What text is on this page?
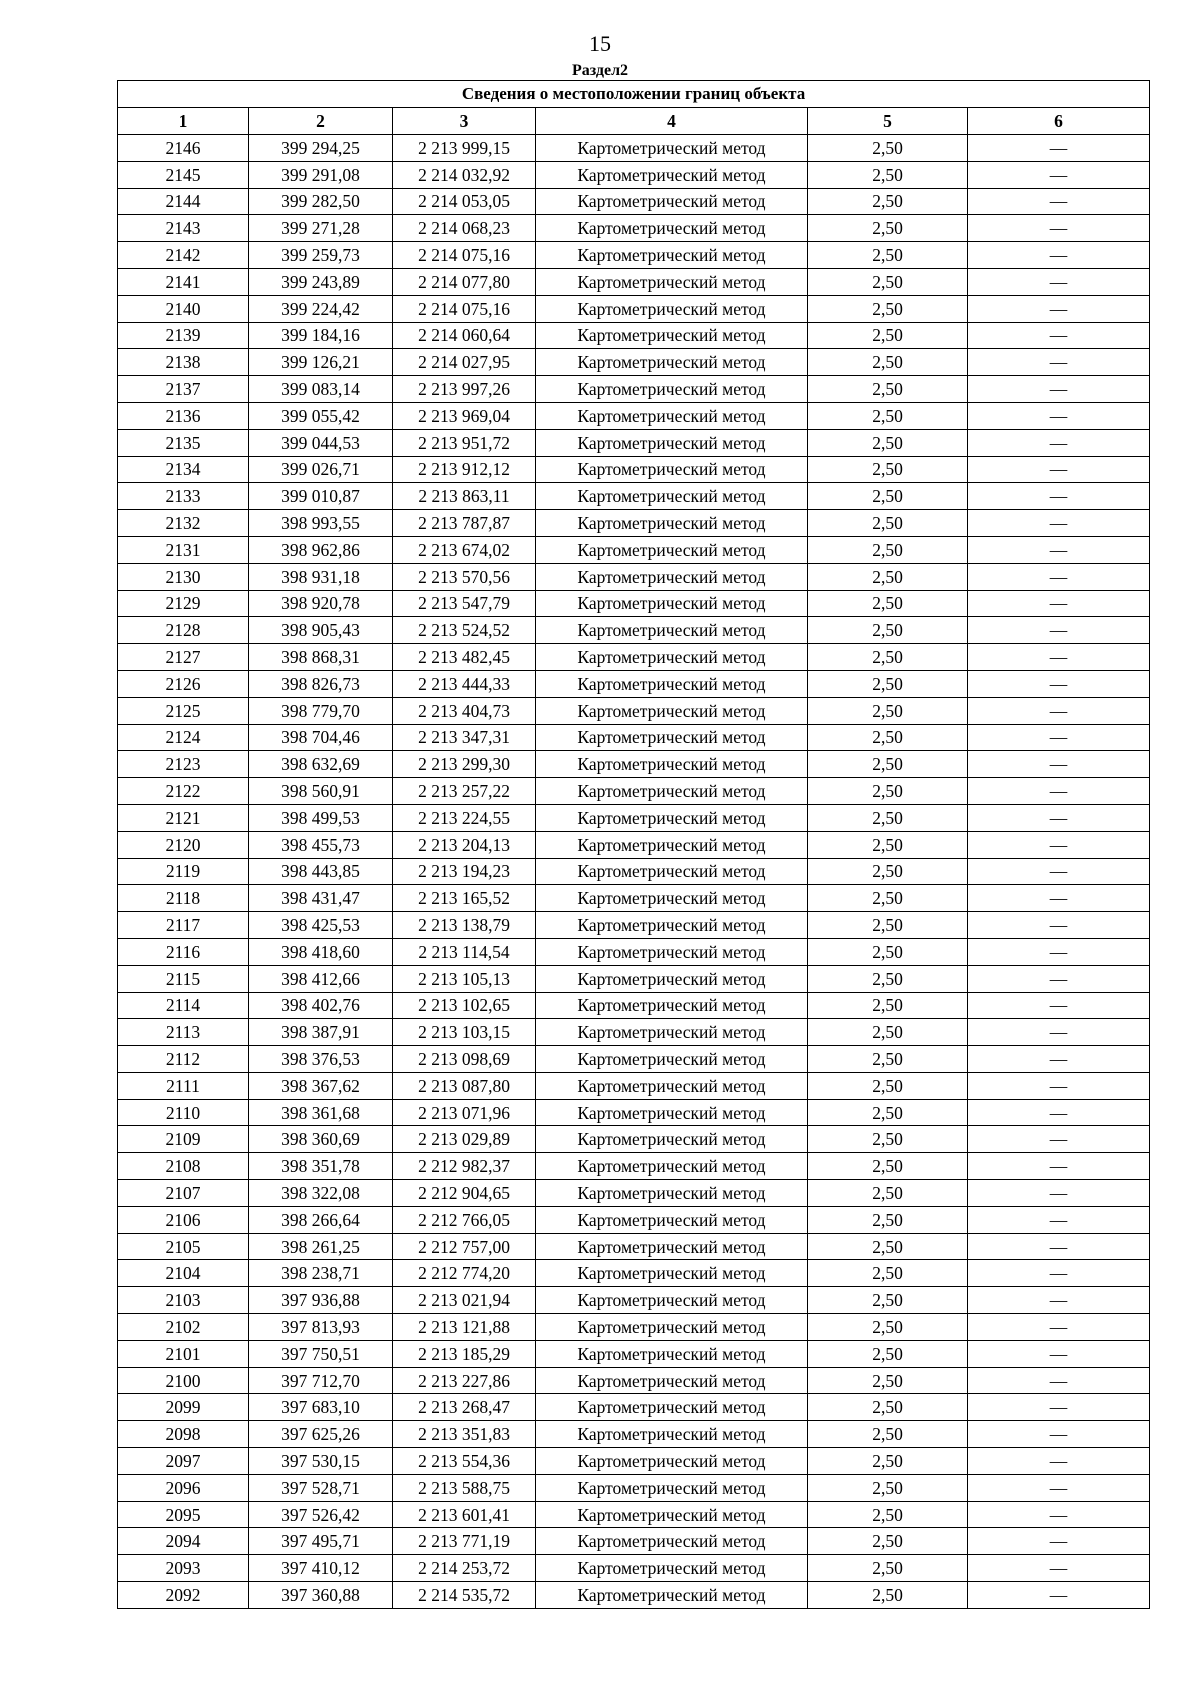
15
Раздел2
Сведения о местоположении границ объекта					
1	2	3	4	5	6
2146	399 294,25	2 213 999,15	Картометрический метод	2,50	—
2145	399 291,08	2 214 032,92	Картометрический метод	2,50	—
2144	399 282,50	2 214 053,05	Картометрический метод	2,50	—
2143	399 271,28	2 214 068,23	Картометрический метод	2,50	—
2142	399 259,73	2 214 075,16	Картометрический метод	2,50	—
2141	399 243,89	2 214 077,80	Картометрический метод	2,50	—
2140	399 224,42	2 214 075,16	Картометрический метод	2,50	—
2139	399 184,16	2 214 060,64	Картометрический метод	2,50	—
2138	399 126,21	2 214 027,95	Картометрический метод	2,50	—
2137	399 083,14	2 213 997,26	Картометрический метод	2,50	—
2136	399 055,42	2 213 969,04	Картометрический метод	2,50	—
2135	399 044,53	2 213 951,72	Картометрический метод	2,50	—
2134	399 026,71	2 213 912,12	Картометрический метод	2,50	—
2133	399 010,87	2 213 863,11	Картометрический метод	2,50	—
2132	398 993,55	2 213 787,87	Картометрический метод	2,50	—
2131	398 962,86	2 213 674,02	Картометрический метод	2,50	—
2130	398 931,18	2 213 570,56	Картометрический метод	2,50	—
2129	398 920,78	2 213 547,79	Картометрический метод	2,50	—
2128	398 905,43	2 213 524,52	Картометрический метод	2,50	—
2127	398 868,31	2 213 482,45	Картометрический метод	2,50	—
2126	398 826,73	2 213 444,33	Картометрический метод	2,50	—
2125	398 779,70	2 213 404,73	Картометрический метод	2,50	—
2124	398 704,46	2 213 347,31	Картометрический метод	2,50	—
2123	398 632,69	2 213 299,30	Картометрический метод	2,50	—
2122	398 560,91	2 213 257,22	Картометрический метод	2,50	—
2121	398 499,53	2 213 224,55	Картометрический метод	2,50	—
2120	398 455,73	2 213 204,13	Картометрический метод	2,50	—
2119	398 443,85	2 213 194,23	Картометрический метод	2,50	—
2118	398 431,47	2 213 165,52	Картометрический метод	2,50	—
2117	398 425,53	2 213 138,79	Картометрический метод	2,50	—
2116	398 418,60	2 213 114,54	Картометрический метод	2,50	—
2115	398 412,66	2 213 105,13	Картометрический метод	2,50	—
2114	398 402,76	2 213 102,65	Картометрический метод	2,50	—
2113	398 387,91	2 213 103,15	Картометрический метод	2,50	—
2112	398 376,53	2 213 098,69	Картометрический метод	2,50	—
2111	398 367,62	2 213 087,80	Картометрический метод	2,50	—
2110	398 361,68	2 213 071,96	Картометрический метод	2,50	—
2109	398 360,69	2 213 029,89	Картометрический метод	2,50	—
2108	398 351,78	2 212 982,37	Картометрический метод	2,50	—
2107	398 322,08	2 212 904,65	Картометрический метод	2,50	—
2106	398 266,64	2 212 766,05	Картометрический метод	2,50	—
2105	398 261,25	2 212 757,00	Картометрический метод	2,50	—
2104	398 238,71	2 212 774,20	Картометрический метод	2,50	—
2103	397 936,88	2 213 021,94	Картометрический метод	2,50	—
2102	397 813,93	2 213 121,88	Картометрический метод	2,50	—
2101	397 750,51	2 213 185,29	Картометрический метод	2,50	—
2100	397 712,70	2 213 227,86	Картометрический метод	2,50	—
2099	397 683,10	2 213 268,47	Картометрический метод	2,50	—
2098	397 625,26	2 213 351,83	Картометрический метод	2,50	—
2097	397 530,15	2 213 554,36	Картометрический метод	2,50	—
2096	397 528,71	2 213 588,75	Картометрический метод	2,50	—
2095	397 526,42	2 213 601,41	Картометрический метод	2,50	—
2094	397 495,71	2 213 771,19	Картометрический метод	2,50	—
2093	397 410,12	2 214 253,72	Картометрический метод	2,50	—
2092	397 360,88	2 214 535,72	Картометрический метод	2,50	—
